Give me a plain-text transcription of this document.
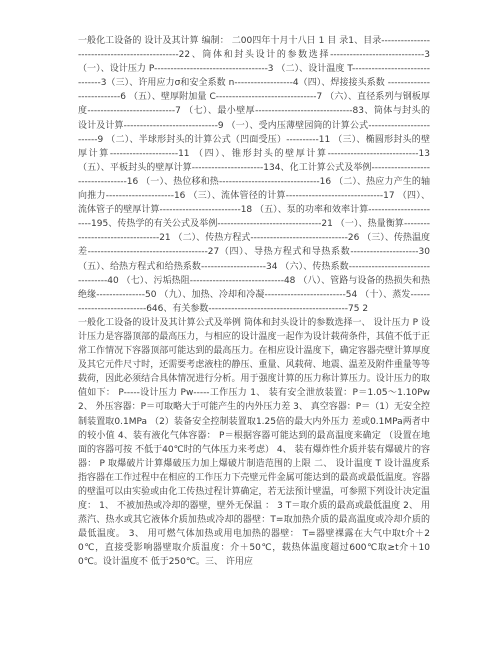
一般化工设备的 设计及其计算 编制： 二00四年十月十八日 1 目 录1、目录----------------------------------------------22、筒体和封头设计的参数选择-----------------------------3 （一）、设计压力 P-----------------------------------3 （二）、设计温度 T-------------------------------3（三）、许用应力σ和安全系数 n------------------4（四）、焊接接头系数 --------------------------6 （五）、壁厚附加量 C-------------------------------7 （六）、直径系列与钢板厚度---------------------------7 （七）、最小壁厚------------------------------83、筒体与封头的设计及计算-----------------------------9 （一）、受内压薄壁园筒的计算公式-------------------------9 （二）、半球形封头的计算公式（凹面受压）----------11 （三）、椭圆形封头的壁厚计算---------------------11 （四）、锥形封头的壁厚计算----------------------------13 （五）、平板封头的壁厚计算----------------------134、化工计算公式及举例---------------------------------16 （一）、热位移和热-------------------------------16 （二）、热应力产生的轴向推力---------------------16 （三）、流体管径的计算------------------------------17 （四）、流体管子的壁厚计算-------------------------18 （五）、泵的功率和效率计算-----------------------195、传热学的有关公式及举例--------------------------------21 （一）、热量衡算---------------------------------21 （二）、传热方程式------------------------------26 （三）、传热温度差-------------------------------------27（四）、导热方程式和导热系数---------------------30（五）、给热方程式和给热系数--------------------34 （六）、传热系数----------------------------------40 （七）、污垢热阻-----------------------------48 （八）、管路与设备的热损失和热绝缘---------------50 （九）、加热、冷却和冷凝-------------------------54 （十）、蒸发---------------------------646、有关参数-------------------------------------------75 2

一般化工设备的设计及其计算公式及举例 筒体和封头设计的参数选择一、 设计压力 P 设计压力是容器顶部的最高压力，与相应的设计温度一起作为设计载荷条件，其值不低于正常工作情况下容器顶部可能达到的最高压力。在相应设计温度下，确定容器壳壁计算厚度及其它元件尺寸时，还需要考虑液柱的静压、重量、风载荷、地震、温差及附件重量等等载荷，因此必须结合具体情况进行分析。用于强度计算的压力称计算压力。设计压力的取值如下： P-----设计压力 Pw-----工作压力 1、 装有安全泄放装置：P＝1.05～1.10Pw 2、 外压容器：P＝可取略大于可能产生的内外压力差 3、 真空容器：P＝（1）无安全控制装置取0.1MPa （2）装备安全控制装置取1.25倍的最大内外压力 差或0.1MPa两者中的较小值 4、装有液化气体容器： P＝根据容器可能达到的最高温度来确定 （设置在地面的容器可按 不低于40℃时的气体压力来考虑） 4、 装有爆炸性介质并装有爆破片的容器： P 取爆破片计算爆破压力加上爆破片制造范围的上限 二、 设计温度 T 设计温度系指容器在工作过程中在相应的工作压力下壳壁元件金属可能达到的最高或最低温度。容器的壁温可以由实验或由化工传热过程计算确定，若无法预计壁温，可参照下列设计决定温度： 1、 不被加热或冷却的器壁，壁外无保温 ： 3 T＝取介质的最高或最低温度 2、 用蒸汽、热水或其它液体介质加热或冷却的器壁：T=取加热介质的最高温度或冷却介质的最低温度。 3、 用可燃气体加热或用电加热的器壁： T=器壁裸露在大气中取t介＋20℃，直接受影响器壁取介质温度：介＋50℃，载热体温度超过600℃取≥t介＋100℃。设计温度不 低于250℃。三、 许用应
